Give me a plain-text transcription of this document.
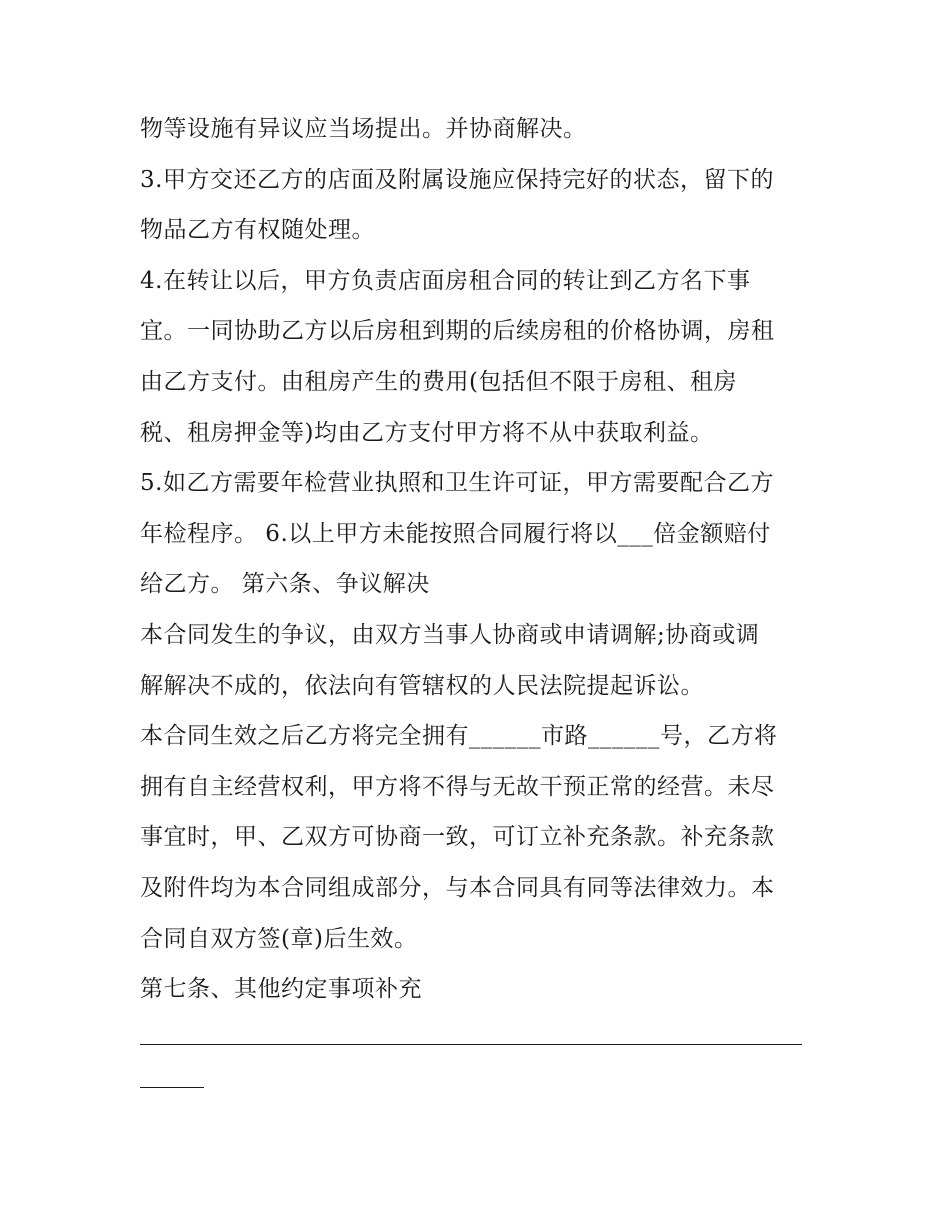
物等设施有异议应当场提出。并协商解决。
3.甲方交还乙方的店面及附属设施应保持完好的状态，留下的
物品乙方有权随处理。
4.在转让以后，甲方负责店面房租合同的转让到乙方名下事
宜。一同协助乙方以后房租到期的后续房租的价格协调，房租
由乙方支付。由租房产生的费用(包括但不限于房租、租房
税、租房押金等)均由乙方支付甲方将不从中获取利益。
5.如乙方需要年检营业执照和卫生许可证，甲方需要配合乙方
年检程序。 6.以上甲方未能按照合同履行将以___倍金额赔付
给乙方。 第六条、争议解决
本合同发生的争议，由双方当事人协商或申请调解;协商或调
解解决不成的，依法向有管辖权的人民法院提起诉讼。
本合同生效之后乙方将完全拥有______市路______号，乙方将
拥有自主经营权利，甲方将不得与无故干预正常的经营。未尽
事宜时，甲、乙双方可协商一致，可订立补充条款。补充条款
及附件均为本合同组成部分，与本合同具有同等法律效力。本
合同自双方签(章)后生效。
第七条、其他约定事项补充
